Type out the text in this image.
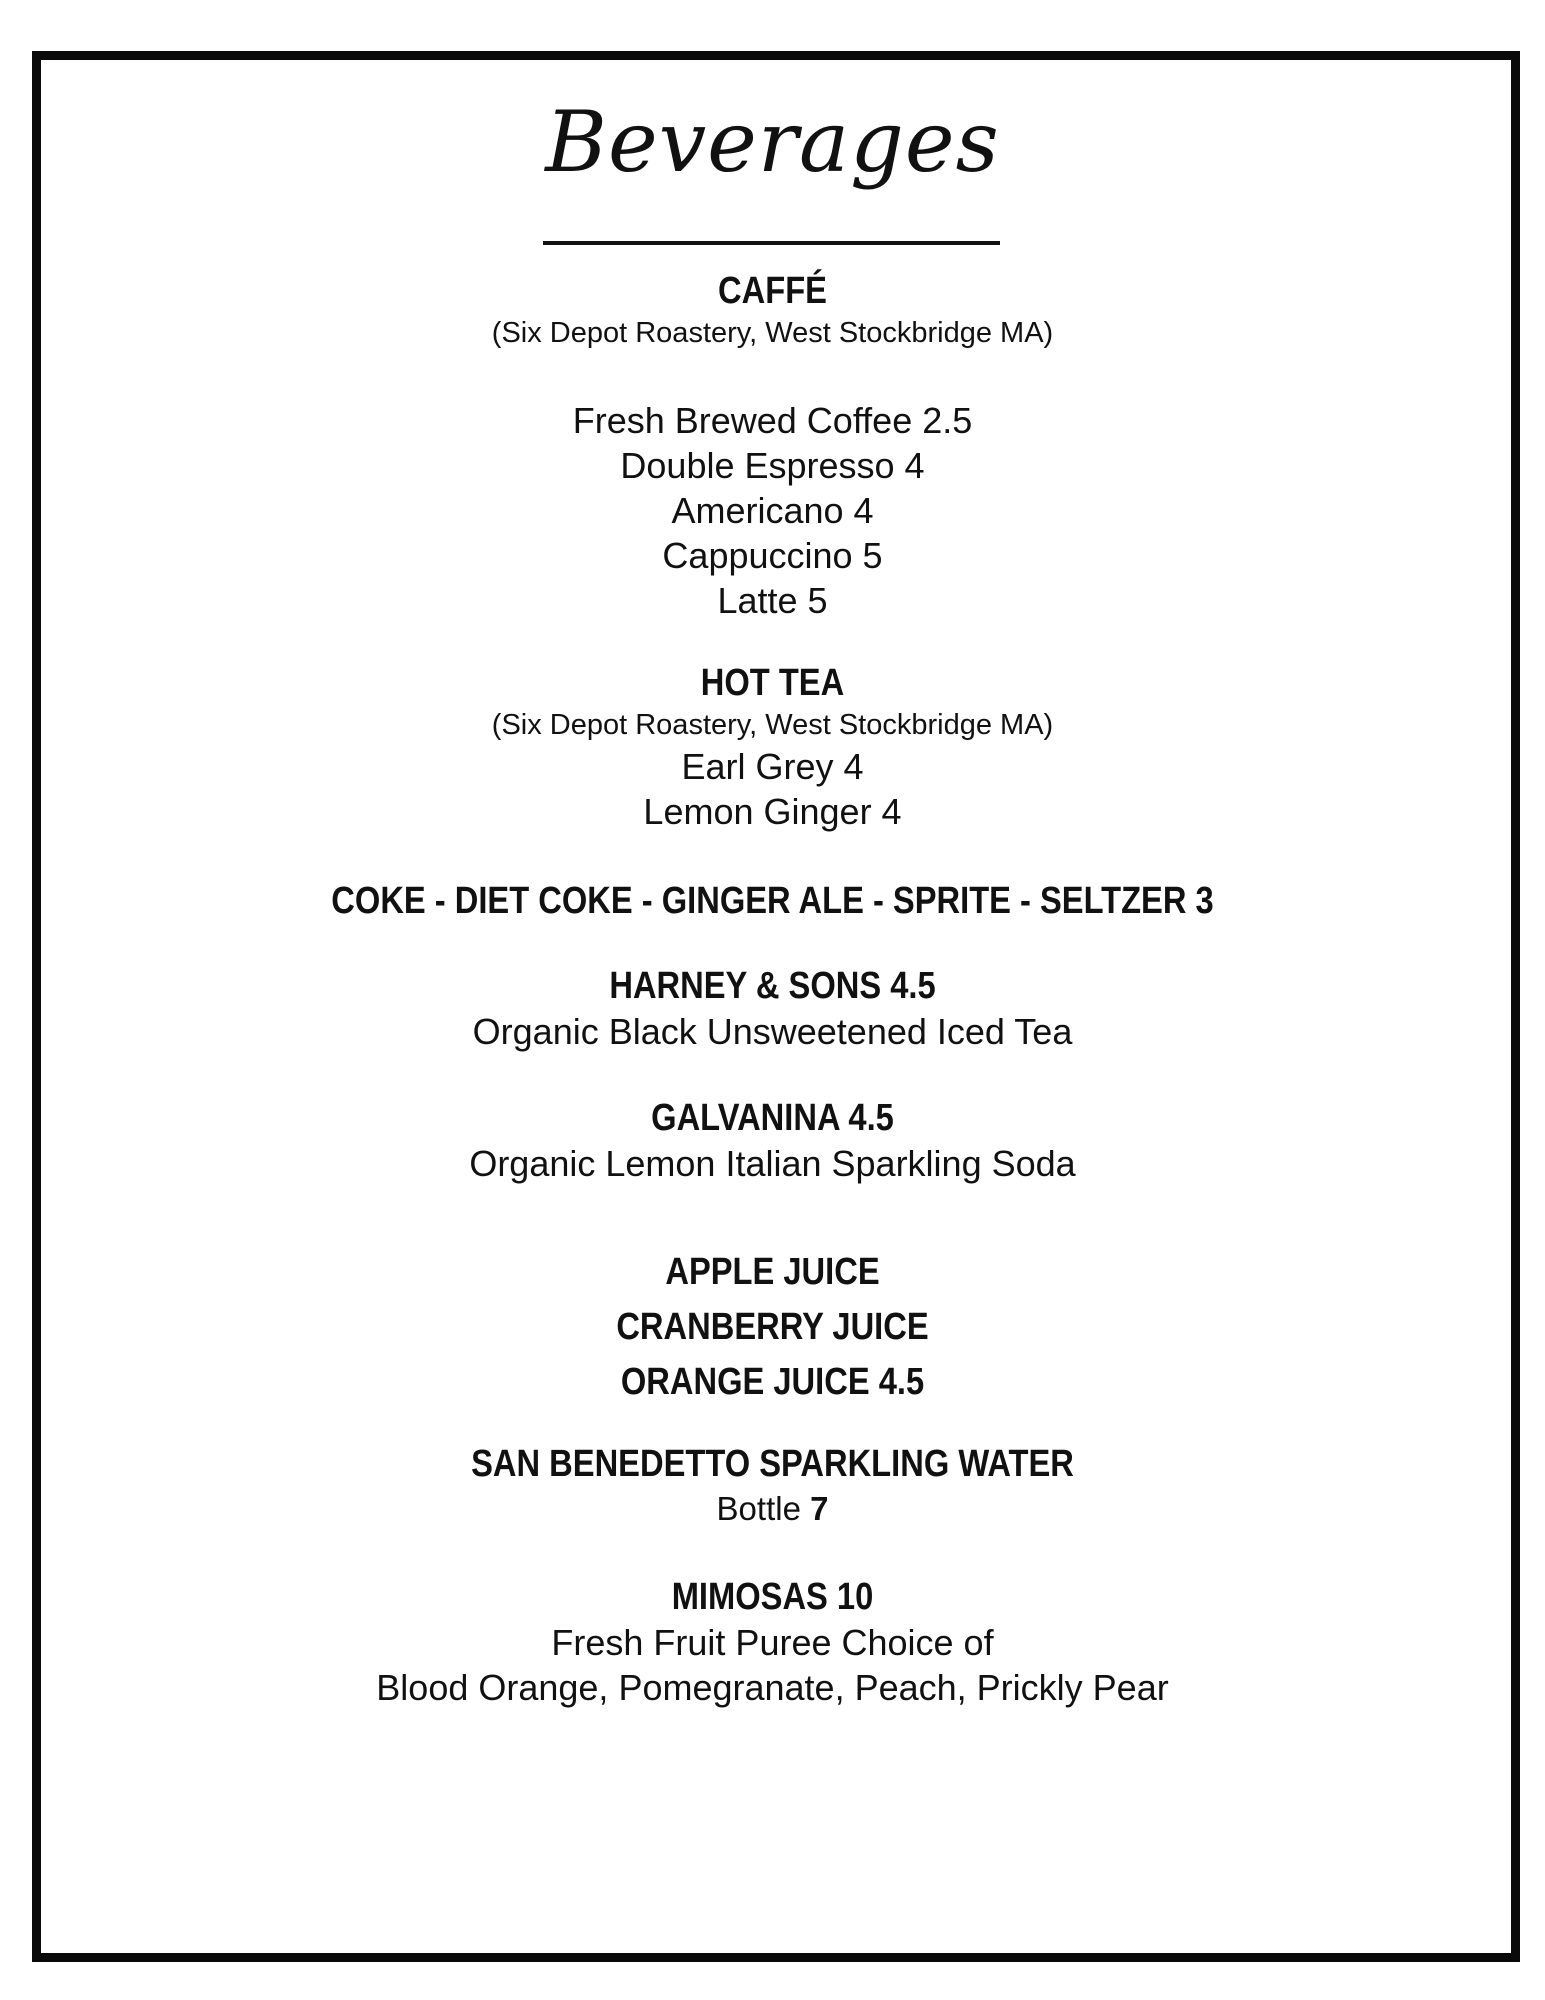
Beverages
CAFFÉ
(Six Depot Roastery, West Stockbridge MA)
Fresh Brewed Coffee 2.5
Double Espresso 4
Americano 4
Cappuccino 5
Latte 5
HOT TEA
(Six Depot Roastery, West Stockbridge MA)
Earl Grey 4
Lemon Ginger 4
COKE - DIET COKE - GINGER ALE - SPRITE - SELTZER 3
HARNEY & SONS 4.5
Organic Black Unsweetened Iced Tea
GALVANINA 4.5
Organic Lemon Italian Sparkling Soda
APPLE JUICE
CRANBERRY JUICE
ORANGE JUICE 4.5
SAN BENEDETTO SPARKLING WATER
Bottle 7
MIMOSAS 10
Fresh Fruit Puree Choice of
Blood Orange, Pomegranate, Peach, Prickly Pear
